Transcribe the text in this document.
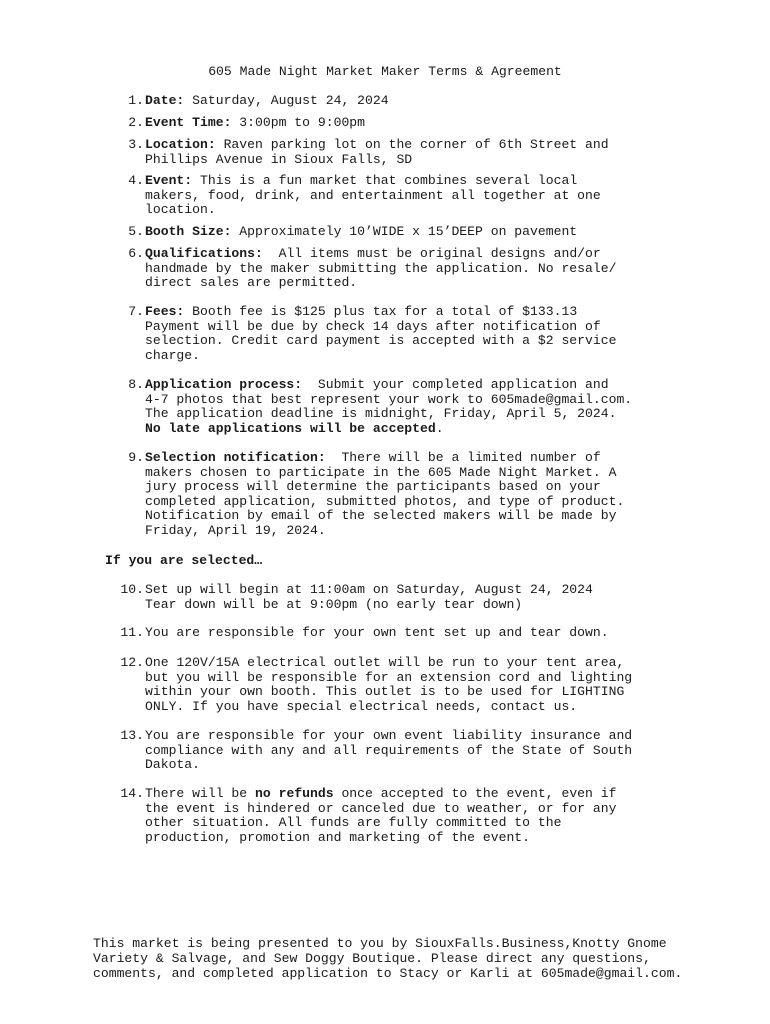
605 Made Night Market Maker Terms & Agreement
1. Date: Saturday, August 24, 2024
2. Event Time: 3:00pm to 9:00pm
3. Location: Raven parking lot on the corner of 6th Street and
Phillips Avenue in Sioux Falls, SD
4. Event: This is a fun market that combines several local
makers, food, drink, and entertainment all together at one
location.
5. Booth Size: Approximately 10’WIDE x 15’DEEP on pavement
6. Qualifications:  All items must be original designs and/or
handmade by the maker submitting the application. No resale/
direct sales are permitted.
7. Fees: Booth fee is $125 plus tax for a total of $133.13
Payment will be due by check 14 days after notification of
selection. Credit card payment is accepted with a $2 service
charge.
8. Application process:  Submit your completed application and
4-7 photos that best represent your work to 605made@gmail.com.
The application deadline is midnight, Friday, April 5, 2024.
No late applications will be accepted.
9. Selection notification:  There will be a limited number of
makers chosen to participate in the 605 Made Night Market. A
jury process will determine the participants based on your
completed application, submitted photos, and type of product.
Notification by email of the selected makers will be made by
Friday, April 19, 2024.
If you are selected…
10. Set up will begin at 11:00am on Saturday, August 24, 2024
Tear down will be at 9:00pm (no early tear down)
11. You are responsible for your own tent set up and tear down.
12. One 120V/15A electrical outlet will be run to your tent area,
but you will be responsible for an extension cord and lighting
within your own booth. This outlet is to be used for LIGHTING
ONLY. If you have special electrical needs, contact us.
13. You are responsible for your own event liability insurance and
compliance with any and all requirements of the State of South
Dakota.
14. There will be no refunds once accepted to the event, even if
the event is hindered or canceled due to weather, or for any
other situation. All funds are fully committed to the
production, promotion and marketing of the event.
This market is being presented to you by SiouxFalls.Business,Knotty Gnome
Variety & Salvage, and Sew Doggy Boutique. Please direct any questions,
comments, and completed application to Stacy or Karli at 605made@gmail.com.
